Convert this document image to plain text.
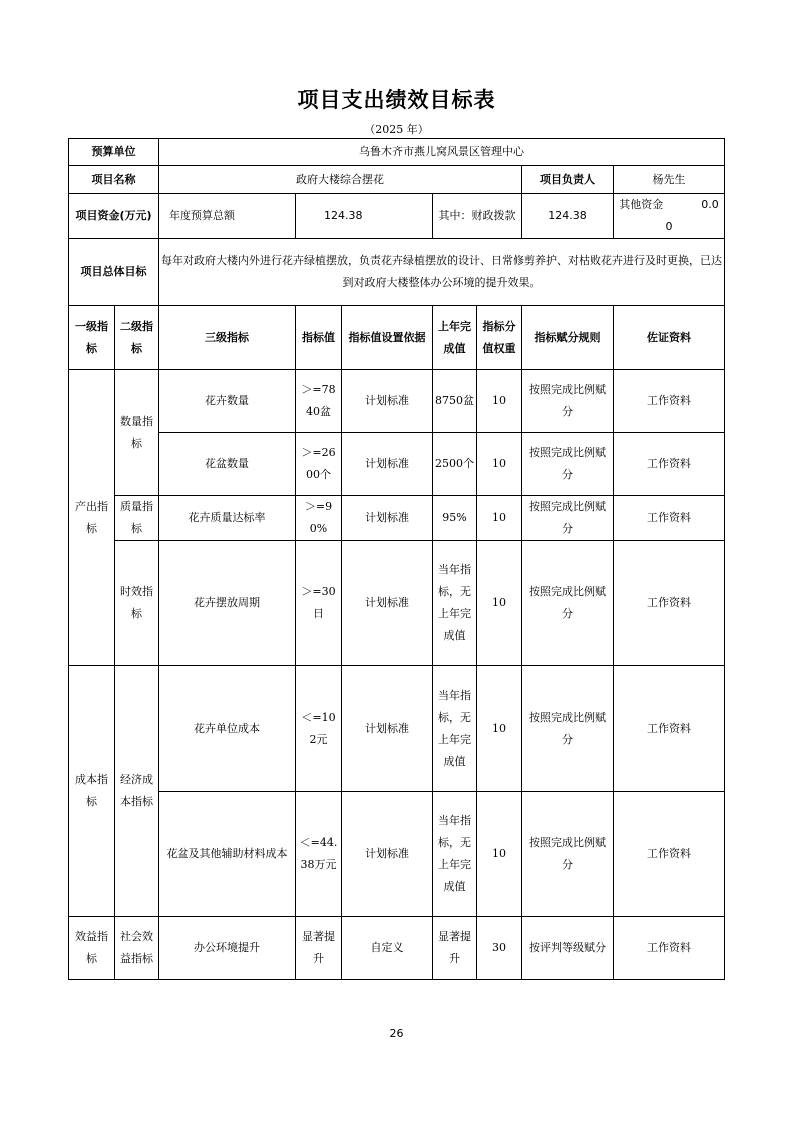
项目支出绩效目标表
（2025 年）
预算单位		乌鲁木齐市燕儿窝风景区管理中心						
项目名称		政府大楼综合摆花					项目负责人	杨先生
项目资金(万元)		年度预算总额	124.38		其中：财政拨款		124.38	其他资金 0.00
项目总体目标		每年对政府大楼内外进行花卉绿植摆放，负责花卉绿植摆放的设计、日常修剪养护、对枯败花卉进行及时更换，已达到对政府大楼整体办公环境的提升效果。						
一级指标	二级指标	三级指标	指标值	指标值设置依据	上年完成值	指标分值权重	指标赋分规则	佐证资料
产出指标	数量指标	花卉数量	＞=7840盆	计划标准	8750盆	10	按照完成比例赋分	工作资料
		花盆数量	＞=2600个	计划标准	2500个	10	按照完成比例赋分	工作资料
	质量指标	花卉质量达标率	＞=90%	计划标准	95%	10	按照完成比例赋分	工作资料
	时效指标	花卉摆放周期	＞=30日	计划标准	当年指标，无上年完成值	10	按照完成比例赋分	工作资料
成本指标	经济成本指标	花卉单位成本	＜=102元	计划标准	当年指标，无上年完成值	10	按照完成比例赋分	工作资料
		花盆及其他辅助材料成本	＜=44.38万元	计划标准	当年指标，无上年完成值	10	按照完成比例赋分	工作资料
效益指标	社会效益指标	办公环境提升	显著提升	自定义	显著提升	30	按评判等级赋分	工作资料
26
